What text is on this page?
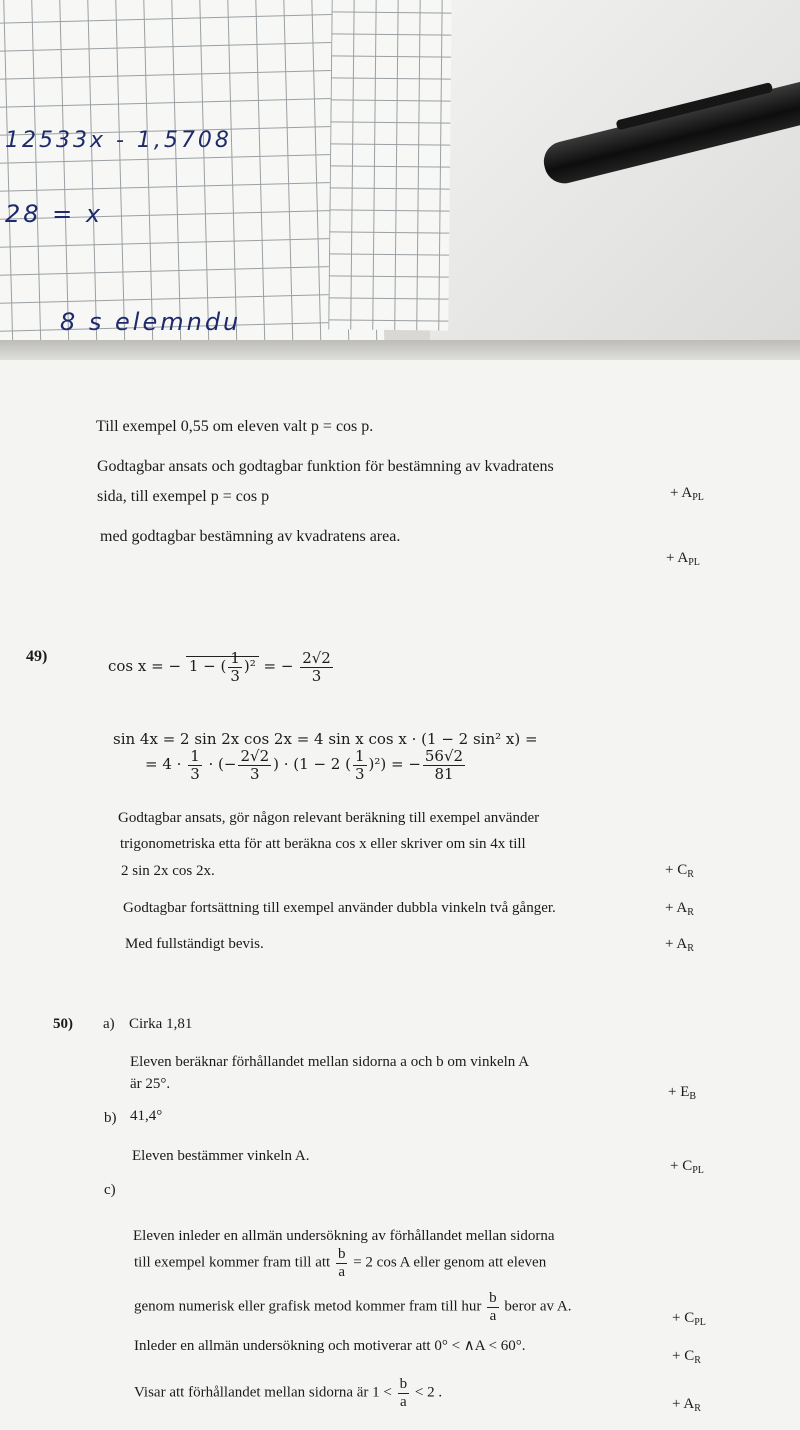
12533x - 1,5708
28 = x
8 s elemndu
Till exempel 0,55 om eleven valt p = cos p.
Godtagbar ansats och godtagbar funktion för bestämning av kvadratens
sida, till exempel p = cos p	+ $A_{PL}$
med godtagbar bestämning av kvadratens area.
+ $A_{PL}$
49)
cos x = − 1 − ( $\frac{1}{3} )^2$ = − $\frac{2√2}{3}$
sin 4x = 2 sin 2x cos 2x = 4 sin x cos x · (1 − 2 sin² x) =
= $4 \cdot \frac{1}{3}$ · (− $\frac{2√2}{3}$ ) · (1 − 2 ( $\frac{1}{3} )^2$) = − $\frac{56√2}{81}$
Godtagbar ansats, gör någon relevant beräkning till exempel använder
trigonometriska etta för att beräkna cos x eller skriver om sin 4x till
2 sin 2x cos 2x.	+ $C_R$
Godtagbar fortsättning till exempel använder dubbla vinkeln två gånger.	+ $A_R$
Med fullständigt bevis.	+ $A_R$
50) a) Cirka 1,81
Eleven beräknar förhållandet mellan sidorna a och b om vinkeln A
är 25°.	+ $E_B$
b) 41,4°
Eleven bestämmer vinkeln A.
+ $C_{PL}$
c)
Eleven inleder en allmän undersökning av förhållandet mellan sidorna
till exempel kommer fram till att $\frac{b}{a} = 2$ cos A eller genom att eleven
genom numerisk eller grafisk metod kommer fram till hur $\frac{b}{a}$ beror av A.
+ $C_{PL}$
Inleder en allmän undersökning och motiverar att 0° < ∧A < 60°.
+ $C_R$
Visar att förhållandet mellan sidorna är $1 < \frac{b}{a} < 2$ .
+ $A_R$
